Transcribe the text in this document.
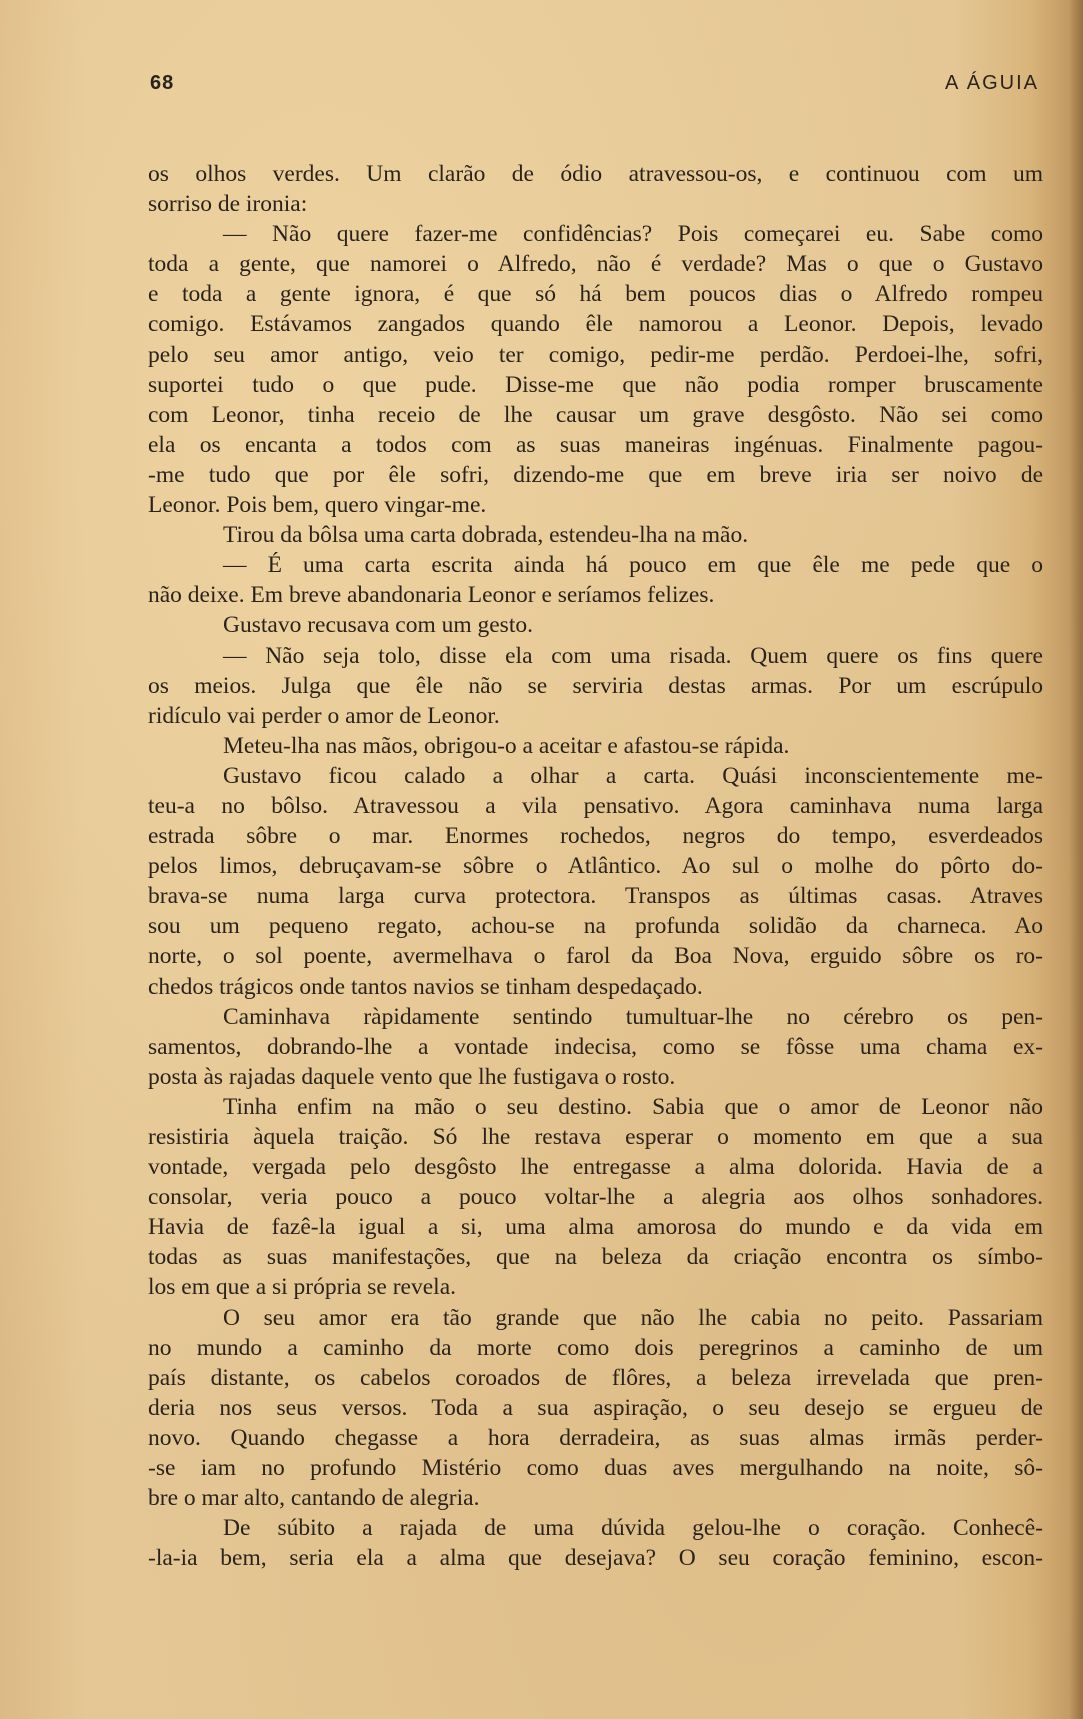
68	A ÁGUIA
os olhos verdes. Um clarão de ódio atravessou-os, e continuou com um
sorriso de ironia:
— Não quere fazer-me confidências? Pois começarei eu. Sabe como
toda a gente, que namorei o Alfredo, não é verdade? Mas o que o Gustavo
e toda a gente ignora, é que só há bem poucos dias o Alfredo rompeu
comigo. Estávamos zangados quando êle namorou a Leonor. Depois, levado
pelo seu amor antigo, veio ter comigo, pedir-me perdão. Perdoei-lhe, sofri,
suportei tudo o que pude. Disse-me que não podia romper bruscamente
com Leonor, tinha receio de lhe causar um grave desgôsto. Não sei como
ela os encanta a todos com as suas maneiras ingénuas. Finalmente pagou-
-me tudo que por êle sofri, dizendo-me que em breve iria ser noivo de
Leonor. Pois bem, quero vingar-me.
Tirou da bôlsa uma carta dobrada, estendeu-lha na mão.
— É uma carta escrita ainda há pouco em que êle me pede que o
não deixe. Em breve abandonaria Leonor e seríamos felizes.
Gustavo recusava com um gesto.
— Não seja tolo, disse ela com uma risada. Quem quere os fins quere
os meios. Julga que êle não se serviria destas armas. Por um escrúpulo
ridículo vai perder o amor de Leonor.
Meteu-lha nas mãos, obrigou-o a aceitar e afastou-se rápida.
Gustavo ficou calado a olhar a carta. Quási inconscientemente me-
teu-a no bôlso. Atravessou a vila pensativo. Agora caminhava numa larga
estrada sôbre o mar. Enormes rochedos, negros do tempo, esverdeados
pelos limos, debruçavam-se sôbre o Atlântico. Ao sul o molhe do pôrto do-
brava-se numa larga curva protectora. Transpos as últimas casas. Atraves
sou um pequeno regato, achou-se na profunda solidão da charneca. Ao
norte, o sol poente, avermelhava o farol da Boa Nova, erguido sôbre os ro-
chedos trágicos onde tantos navios se tinham despedaçado.
Caminhava ràpidamente sentindo tumultuar-lhe no cérebro os pen-
samentos, dobrando-lhe a vontade indecisa, como se fôsse uma chama ex-
posta às rajadas daquele vento que lhe fustigava o rosto.
Tinha enfim na mão o seu destino. Sabia que o amor de Leonor não
resistiria àquela traição. Só lhe restava esperar o momento em que a sua
vontade, vergada pelo desgôsto lhe entregasse a alma dolorida. Havia de a
consolar, veria pouco a pouco voltar-lhe a alegria aos olhos sonhadores.
Havia de fazê-la igual a si, uma alma amorosa do mundo e da vida em
todas as suas manifestações, que na beleza da criação encontra os símbo-
los em que a si própria se revela.
O seu amor era tão grande que não lhe cabia no peito. Passariam
no mundo a caminho da morte como dois peregrinos a caminho de um
país distante, os cabelos coroados de flôres, a beleza irrevelada que pren-
deria nos seus versos. Toda a sua aspiração, o seu desejo se ergueu de
novo. Quando chegasse a hora derradeira, as suas almas irmãs perder-
-se iam no profundo Mistério como duas aves mergulhando na noite, sô-
bre o mar alto, cantando de alegria.
De súbito a rajada de uma dúvida gelou-lhe o coração. Conhecê-
-la-ia bem, seria ela a alma que desejava? O seu coração feminino, escon-
